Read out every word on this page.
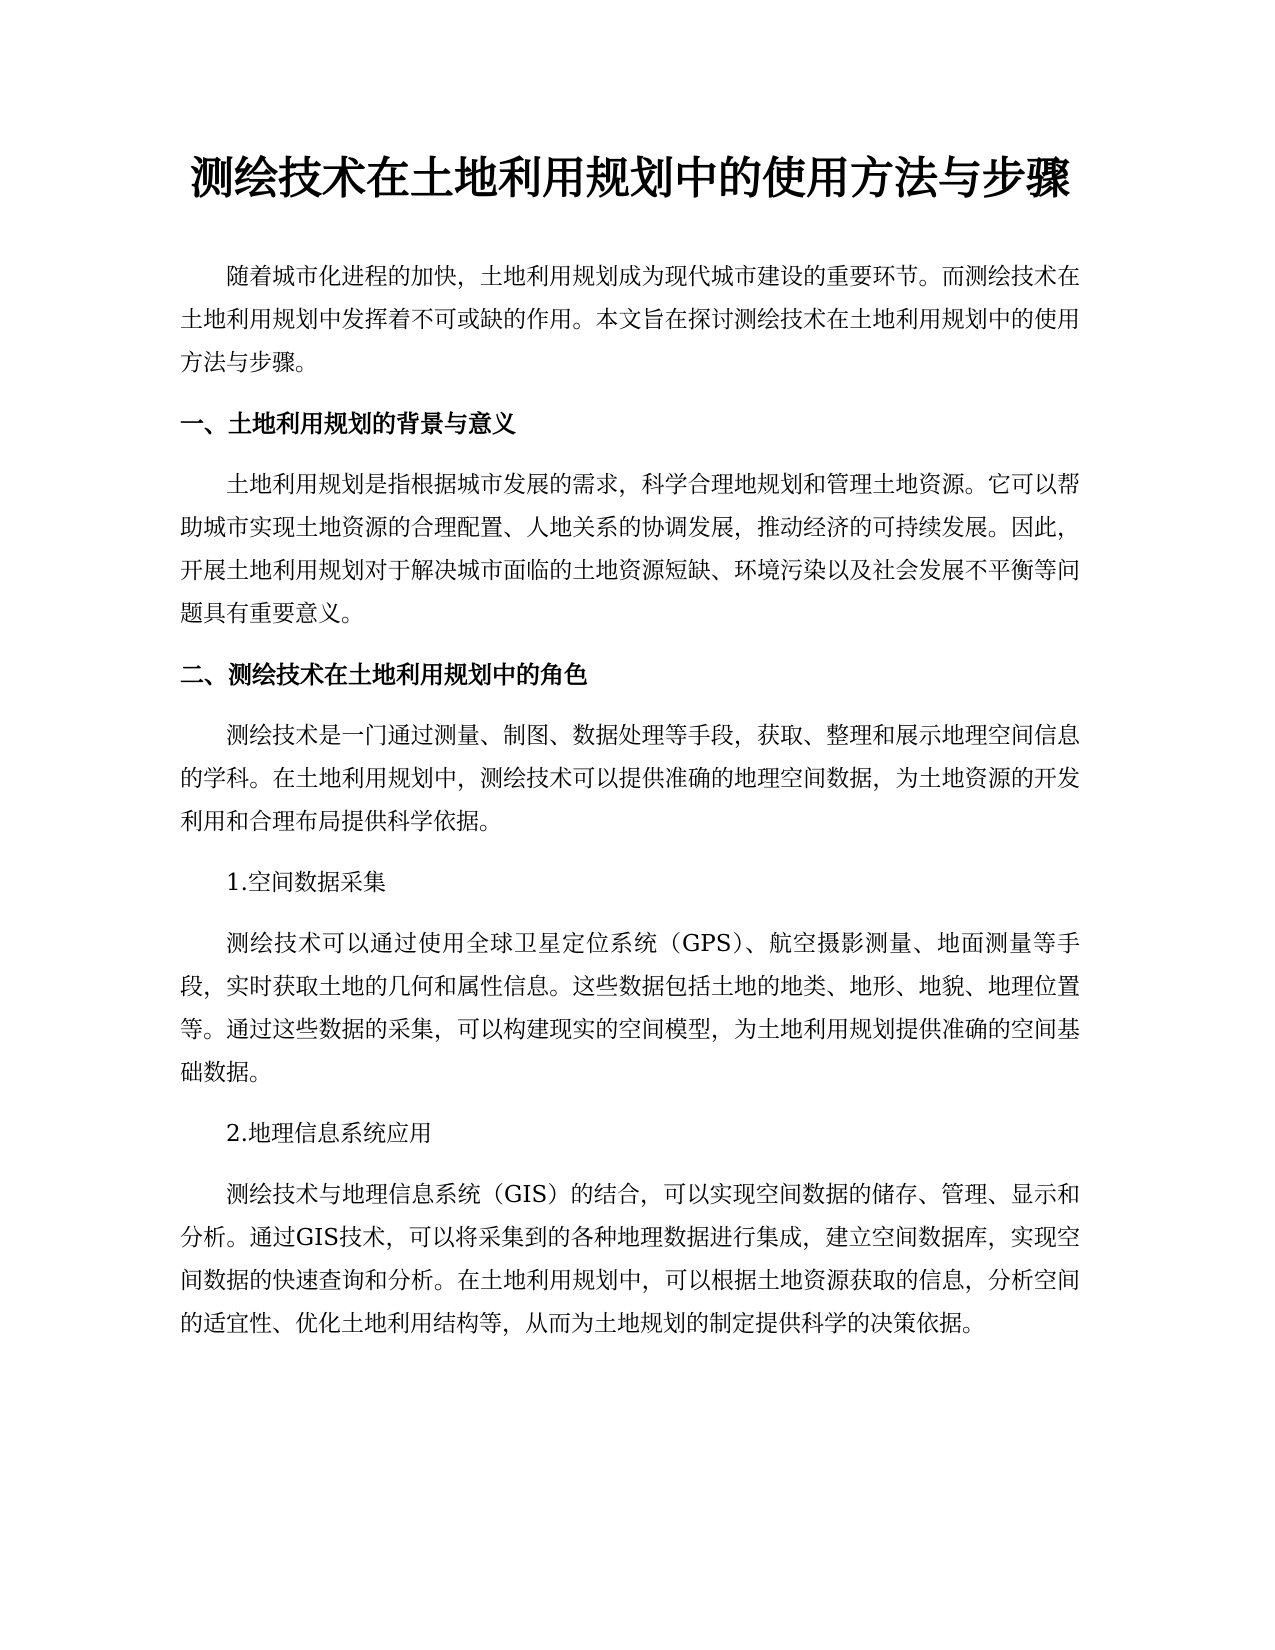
测绘技术在土地利用规划中的使用方法与步骤

随着城市化进程的加快，土地利用规划成为现代城市建设的重要环节。而测绘技术在土地利用规划中发挥着不可或缺的作用。本文旨在探讨测绘技术在土地利用规划中的使用方法与步骤。

一、土地利用规划的背景与意义

土地利用规划是指根据城市发展的需求，科学合理地规划和管理土地资源。它可以帮助城市实现土地资源的合理配置、人地关系的协调发展，推动经济的可持续发展。因此，开展土地利用规划对于解决城市面临的土地资源短缺、环境污染以及社会发展不平衡等问题具有重要意义。

二、测绘技术在土地利用规划中的角色

测绘技术是一门通过测量、制图、数据处理等手段，获取、整理和展示地理空间信息的学科。在土地利用规划中，测绘技术可以提供准确的地理空间数据，为土地资源的开发利用和合理布局提供科学依据。

1.空间数据采集

测绘技术可以通过使用全球卫星定位系统（GPS）、航空摄影测量、地面测量等手段，实时获取土地的几何和属性信息。这些数据包括土地的地类、地形、地貌、地理位置等。通过这些数据的采集，可以构建现实的空间模型，为土地利用规划提供准确的空间基础数据。

2.地理信息系统应用

测绘技术与地理信息系统（GIS）的结合，可以实现空间数据的储存、管理、显示和分析。通过GIS技术，可以将采集到的各种地理数据进行集成，建立空间数据库，实现空间数据的快速查询和分析。在土地利用规划中，可以根据土地资源获取的信息，分析空间的适宜性、优化土地利用结构等，从而为土地规划的制定提供科学的决策依据。
